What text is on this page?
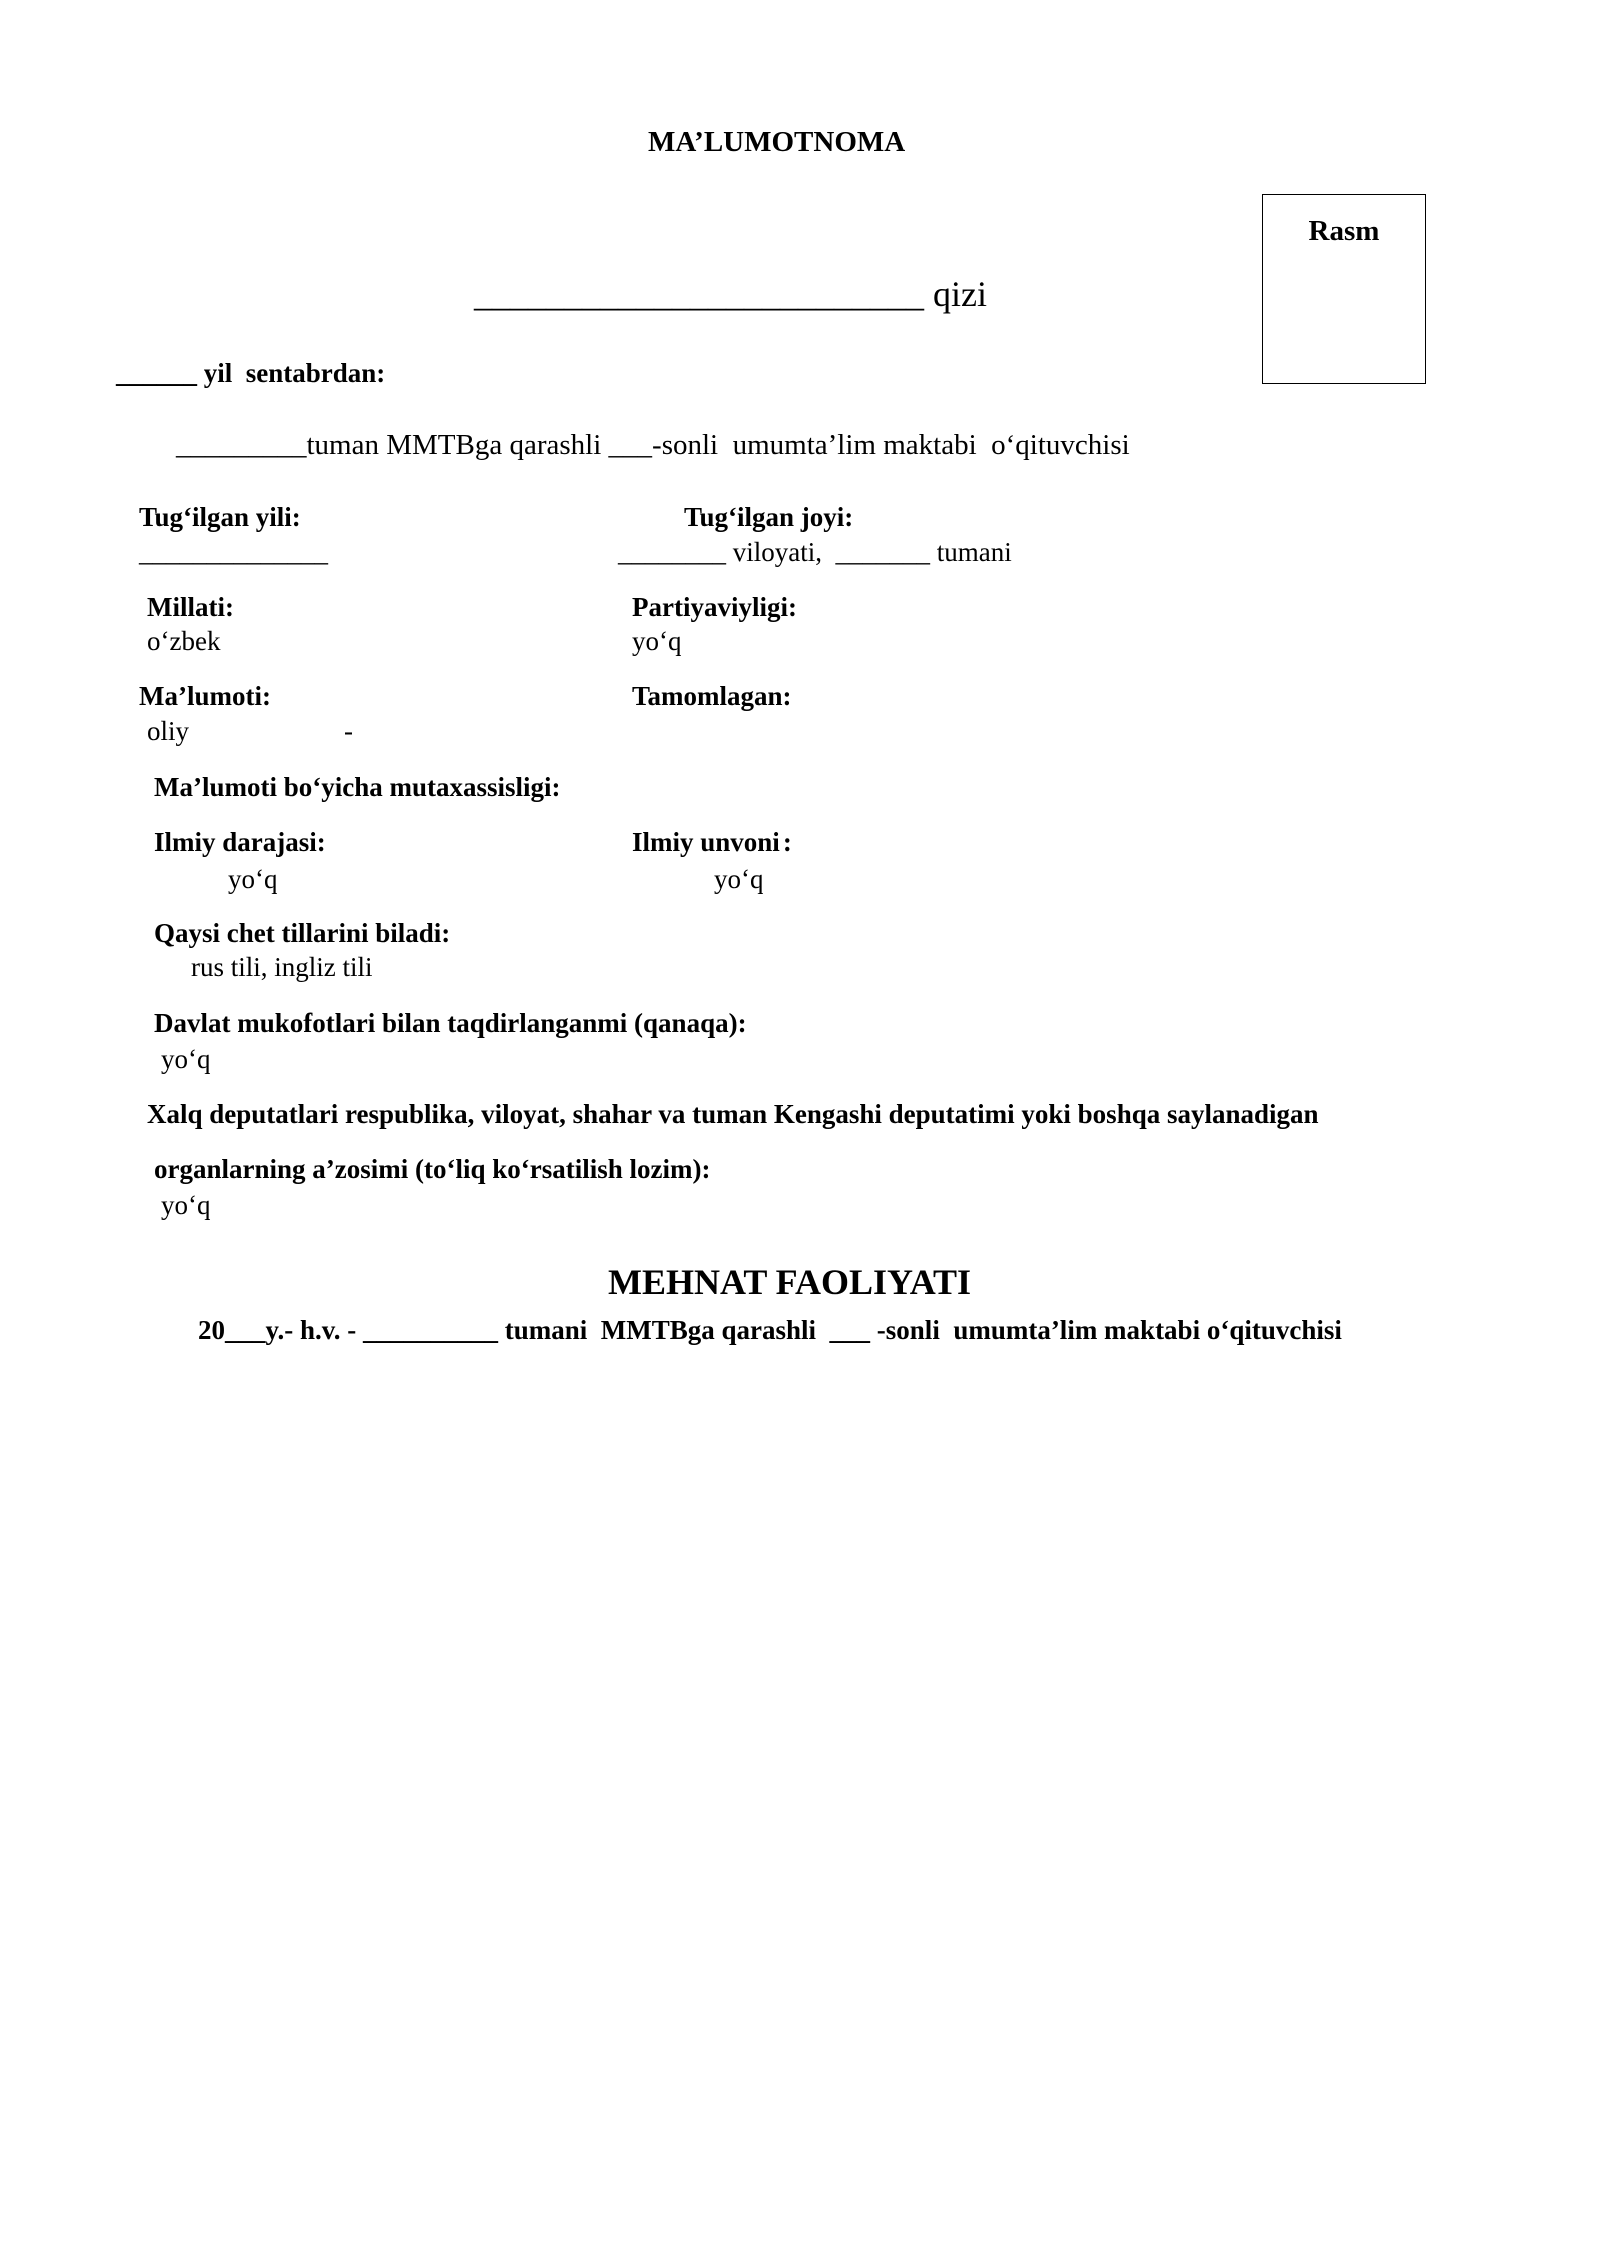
MA’LUMOTNOMA
Rasm
_________________________ qizi
______ yil  sentabrdan:
_________tuman MMTBga qarashli ___-sonli  umumta’lim maktabi  o‘qituvchisi
Tug‘ilgan yili:
______________
Tug‘ilgan joyi:
________ viloyati,  _______ tumani
Millati:
o‘zbek
Partiyaviyligi:
yo‘q
Ma’lumoti:
oliy	-
Tamomlagan:
Ma’lumoti bo‘yicha mutaxassisligi:
Ilmiy darajasi:
yo‘q
Ilmiy unvoni :
yo‘q
Qaysi chet tillarini biladi:
rus tili, ingliz tili
Davlat mukofotlari bilan taqdirlanganmi (qanaqa):
yo‘q
Xalq deputatlari respublika, viloyat, shahar va tuman Kengashi deputatimi yoki boshqa saylanadigan
organlarning a’zosimi (to‘liq ko‘rsatilish lozim):
yo‘q
MEHNAT FAOLIYATI
20___y.- h.v. - __________ tumani  MMTBga qarashli  ___ -sonli  umumta’lim maktabi o‘qituvchisi
